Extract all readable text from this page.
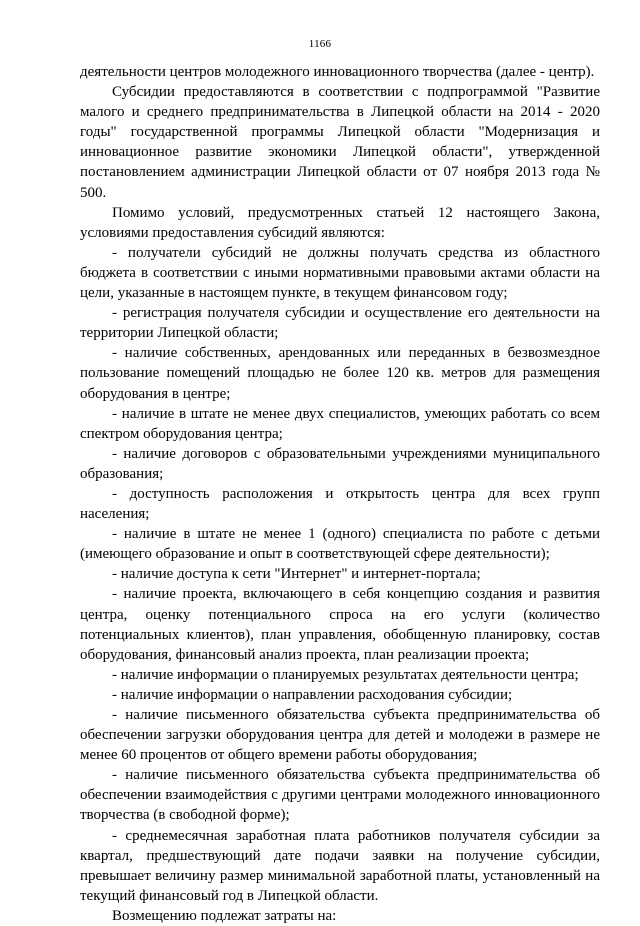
1166

деятельности центров молодежного инновационного творчества (далее - центр).

Субсидии предоставляются в соответствии с подпрограммой "Развитие малого и среднего предпринимательства в Липецкой области на 2014 - 2020 годы" государственной программы Липецкой области "Модернизация и инновационное развитие экономики Липецкой области", утвержденной постановлением администрации Липецкой области от 07 ноября 2013 года № 500.

Помимо условий, предусмотренных статьей 12 настоящего Закона, условиями предоставления субсидий являются:

- получатели субсидий не должны получать средства из областного бюджета в соответствии с иными нормативными правовыми актами области на цели, указанные в настоящем пункте, в текущем финансовом году;

- регистрация получателя субсидии и осуществление его деятельности на территории Липецкой области;

- наличие собственных, арендованных или переданных в безвозмездное пользование помещений площадью не более 120 кв. метров для размещения оборудования в центре;

- наличие в штате не менее двух специалистов, умеющих работать со всем спектром оборудования центра;

- наличие договоров с образовательными учреждениями муниципального образования;

- доступность расположения и открытость центра для всех групп населения;

- наличие в штате не менее 1 (одного) специалиста по работе с детьми (имеющего образование и опыт в соответствующей сфере деятельности);

- наличие доступа к сети "Интернет" и интернет-портала;

- наличие проекта, включающего в себя концепцию создания и развития центра, оценку потенциального спроса на его услуги (количество потенциальных клиентов), план управления, обобщенную планировку, состав оборудования, финансовый анализ проекта, план реализации проекта;

- наличие информации о планируемых результатах деятельности центра;

- наличие информации о направлении расходования субсидии;

- наличие письменного обязательства субъекта предпринимательства об обеспечении загрузки оборудования центра для детей и молодежи в размере не менее 60 процентов от общего времени работы оборудования;

- наличие письменного обязательства субъекта предпринимательства об обеспечении взаимодействия с другими центрами молодежного инновационного творчества (в свободной форме);

- среднемесячная заработная плата работников получателя субсидии за квартал, предшествующий дате подачи заявки на получение субсидии, превышает величину размер минимальной заработной платы, установленный на текущий финансовый год в Липецкой области.

Возмещению подлежат затраты на:
